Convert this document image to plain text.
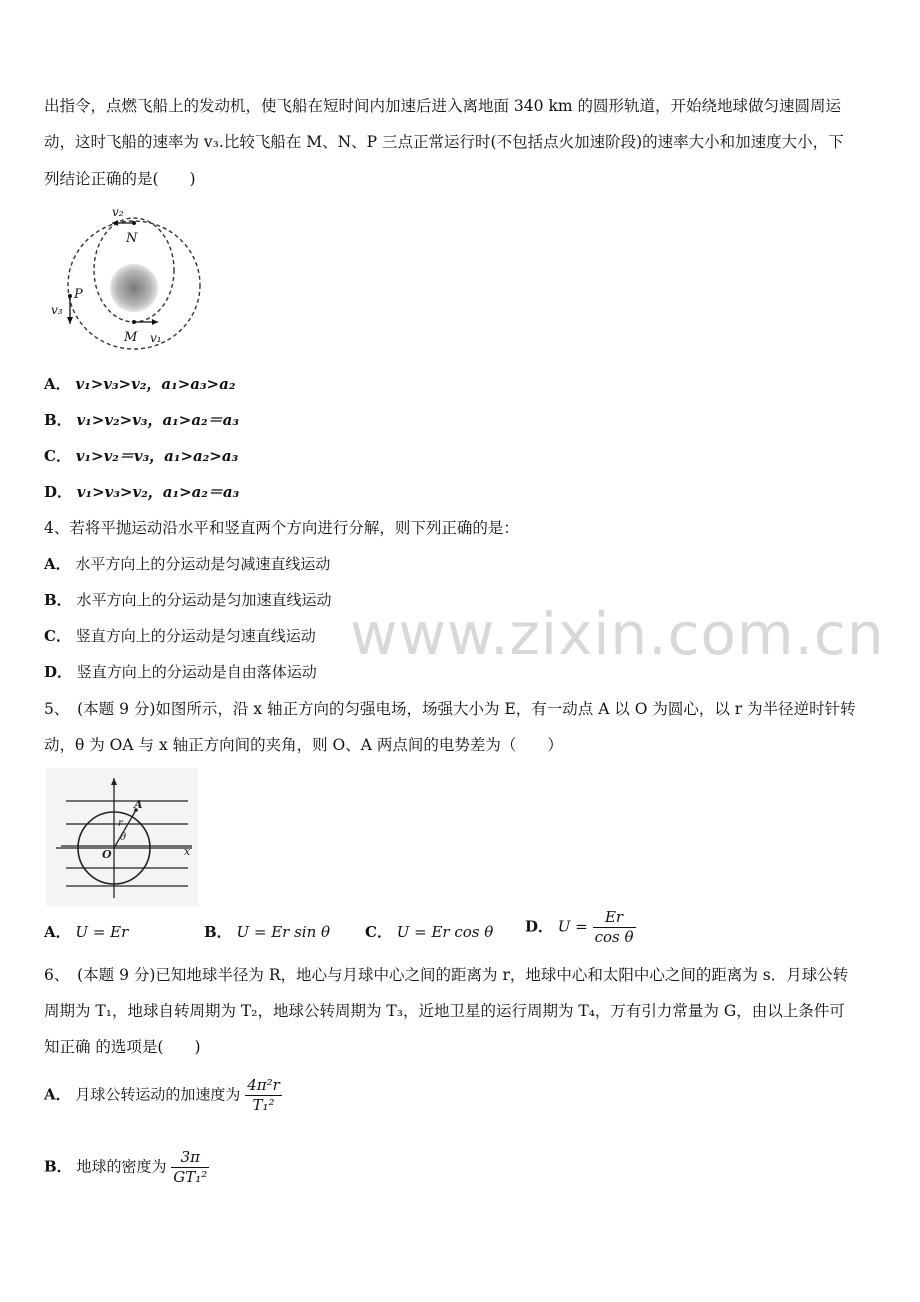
出指令，点燃飞船上的发动机，使飞船在短时间内加速后进入离地面 340 km 的圆形轨道，开始绕地球做匀速圆周运
动，这时飞船的速率为 v₃.比较飞船在 M、N、P 三点正常运行时(不包括点火加速阶段)的速率大小和加速度大小，下
列结论正确的是(　　)
v₂
N
P
v₃
M v₁
A． v₁>v₃>v₂，a₁>a₃>a₂
B． v₁>v₂>v₃，a₁>a₂＝a₃
C． v₁>v₂＝v₃，a₁>a₂>a₃
D． v₁>v₃>v₂，a₁>a₂＝a₃
4、若将平抛运动沿水平和竖直两个方向进行分解，则下列正确的是：
A． 水平方向上的分运动是匀减速直线运动
B． 水平方向上的分运动是匀加速直线运动
C． 竖直方向上的分运动是匀速直线运动
D． 竖直方向上的分运动是自由落体运动
www.zixin.com.cn
5、　(本题 9 分)如图所示，沿 x 轴正方向的匀强电场，场强大小为 E，有一动点 A 以 O 为圆心，以 r 为半径逆时针转
动，θ 为 OA 与 x 轴正方向间的夹角，则 O、A 两点间的电势差为（　　）
x
A
r
θ
O
A． U = Er	B． U = Er sin θ C． U = Er cos θ D． $U = \frac{Er}{\text{cos θ}}$
6、　(本题 9 分)已知地球半径为 R，地心与月球中心之间的距离为 r，地球中心和太阳中心之间的距离为 s．月球公转
周期为 T₁，地球自转周期为 T₂，地球公转周期为 T₃，近地卫星的运行周期为 T₄，万有引力常量为 G，由以上条件可
知正确 的选项是(　　)
A． 月球公转运动的加速度为 $\frac{\text{4π²r}}{\text{T₁²}}$
B． 地球的密度为 $\frac{3\pi}{\text{GT₁²}}$
